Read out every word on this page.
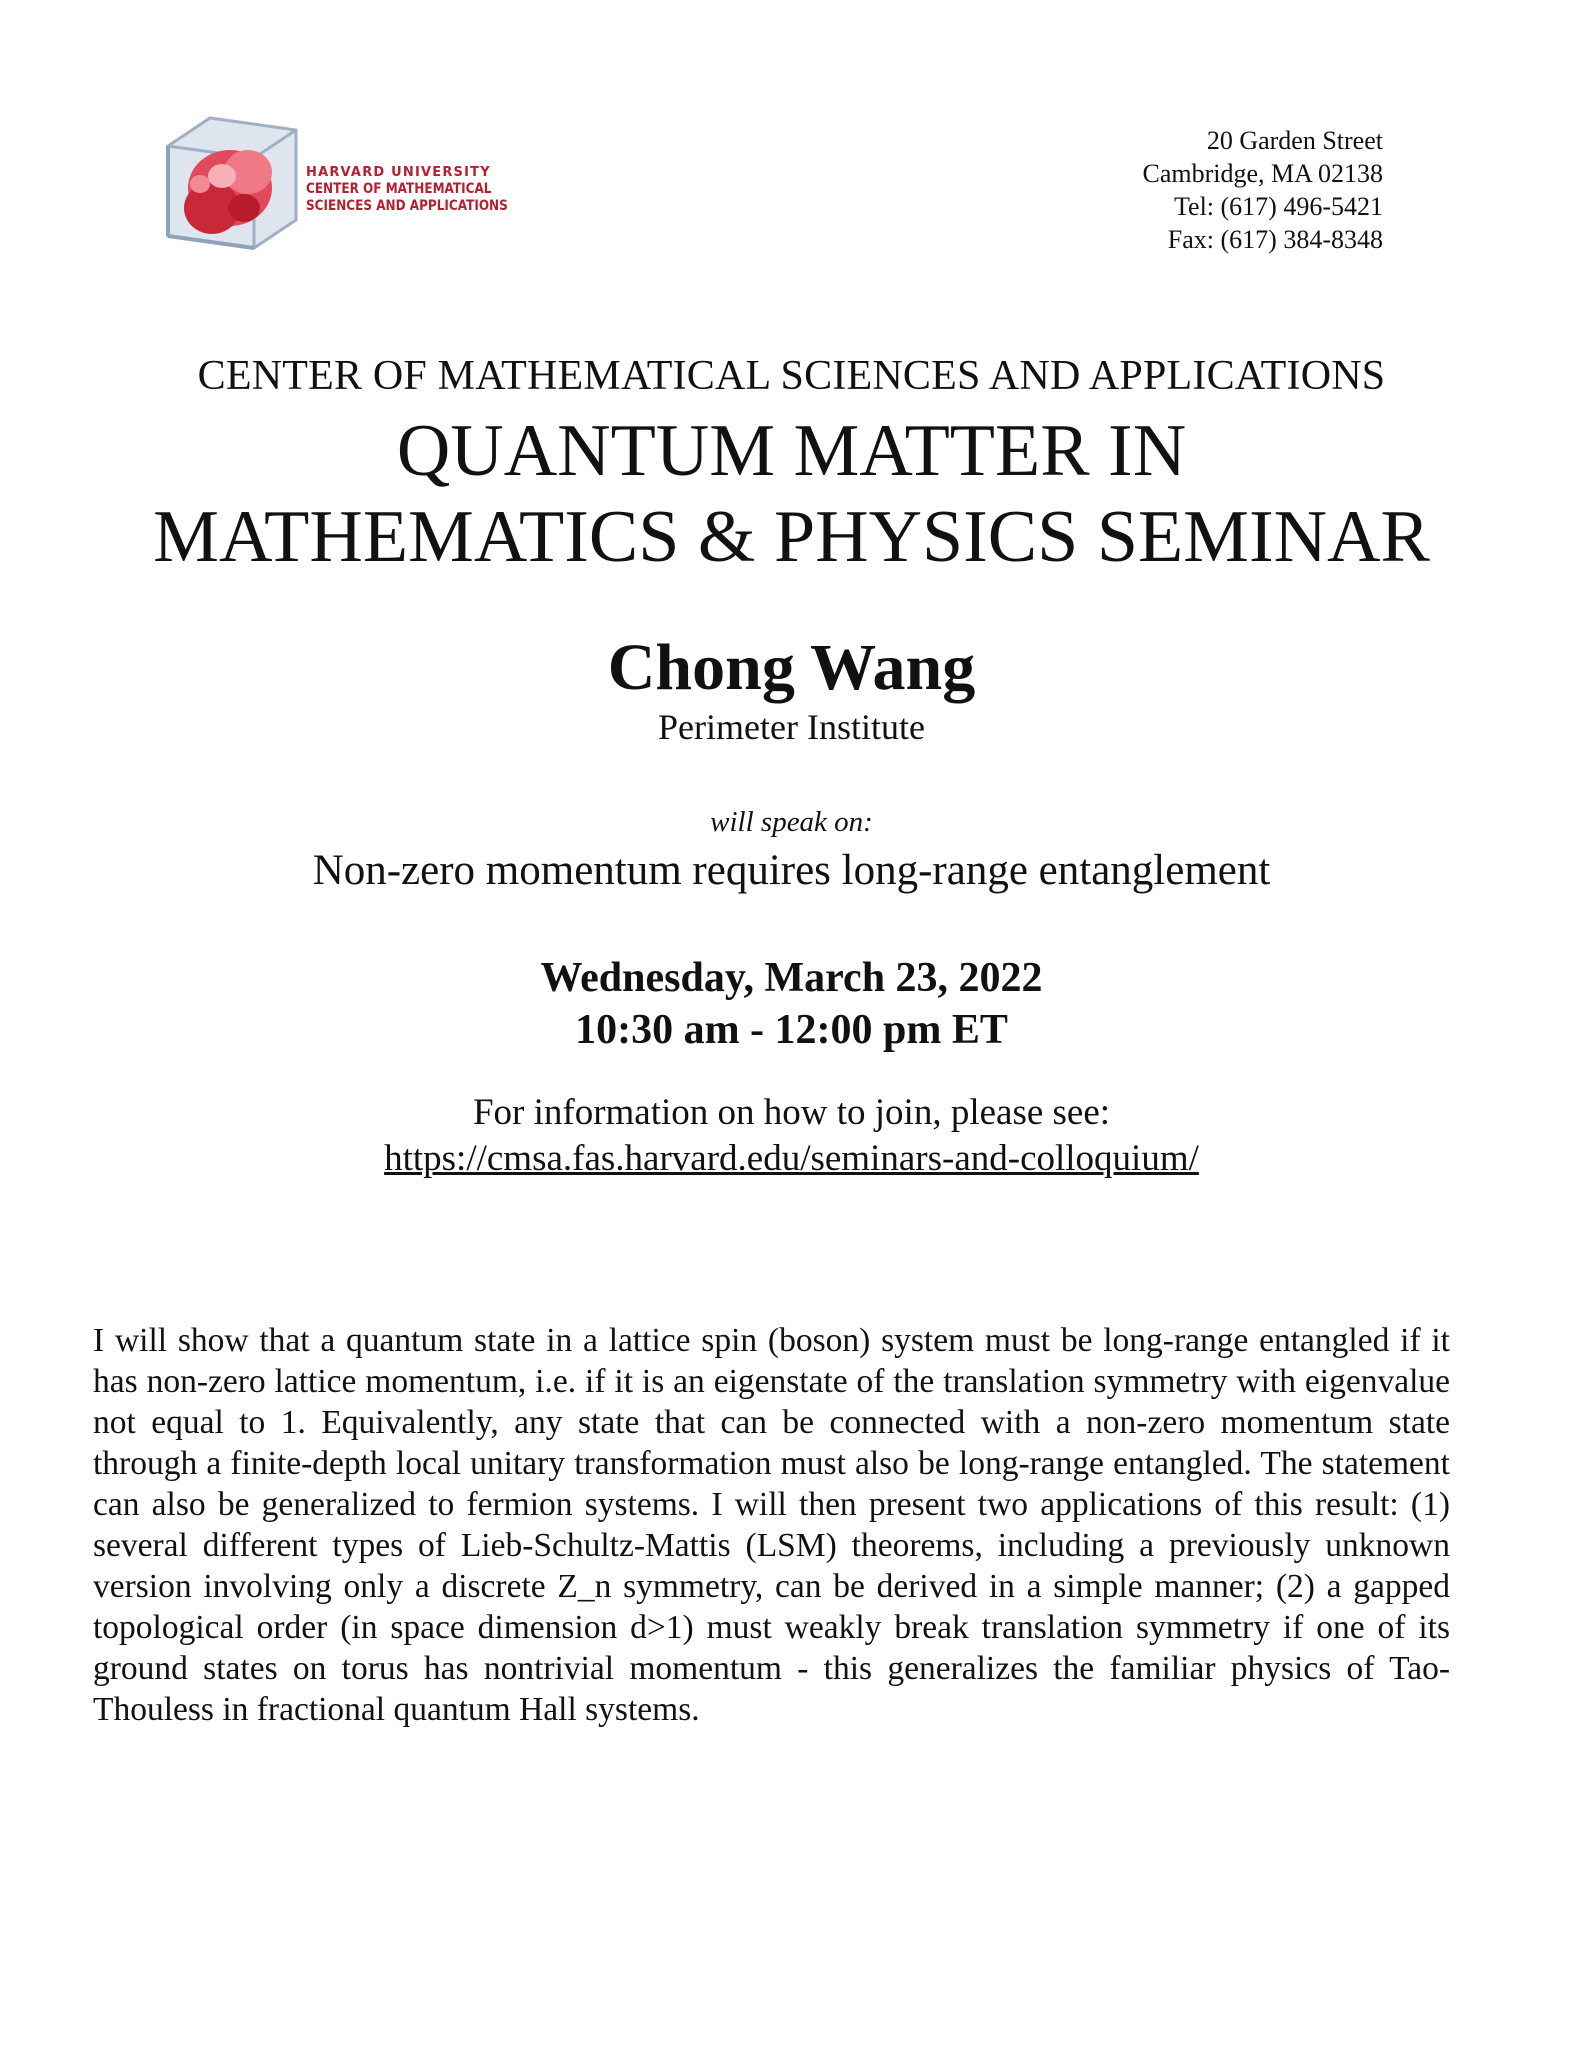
HARVARD UNIVERSITY
CENTER OF MATHEMATICAL
SCIENCES AND APPLICATIONS
20 Garden Street
Cambridge, MA 02138
Tel: (617) 496-5421
Fax: (617) 384-8348
CENTER OF MATHEMATICAL SCIENCES AND APPLICATIONS
QUANTUM MATTER IN
MATHEMATICS & PHYSICS SEMINAR
Chong Wang
Perimeter Institute
will speak on:
Non-zero momentum requires long-range entanglement
Wednesday, March 23, 2022
10:30 am - 12:00 pm ET
For information on how to join, please see:
https://cmsa.fas.harvard.edu/seminars-and-colloquium/
I will show that a quantum state in a lattice spin (boson) system must be long-range entangled if it has non-zero lattice momentum, i.e. if it is an eigenstate of the translation symmetry with eigenvalue not equal to 1. Equivalently, any state that can be connected with a non-zero momentum state through a finite-depth local unitary transformation must also be long-range entangled. The statement can also be generalized to fermion systems. I will then present two applications of this result: (1) several different types of Lieb-Schultz-Mattis (LSM) theorems, including a previously unknown version involving only a discrete Z_n symmetry, can be derived in a simple manner; (2) a gapped topological order (in space dimension d>1) must weakly break translation symmetry if one of its ground states on torus has nontrivial momentum - this generalizes the familiar physics of Tao-Thouless in fractional quantum Hall systems.
